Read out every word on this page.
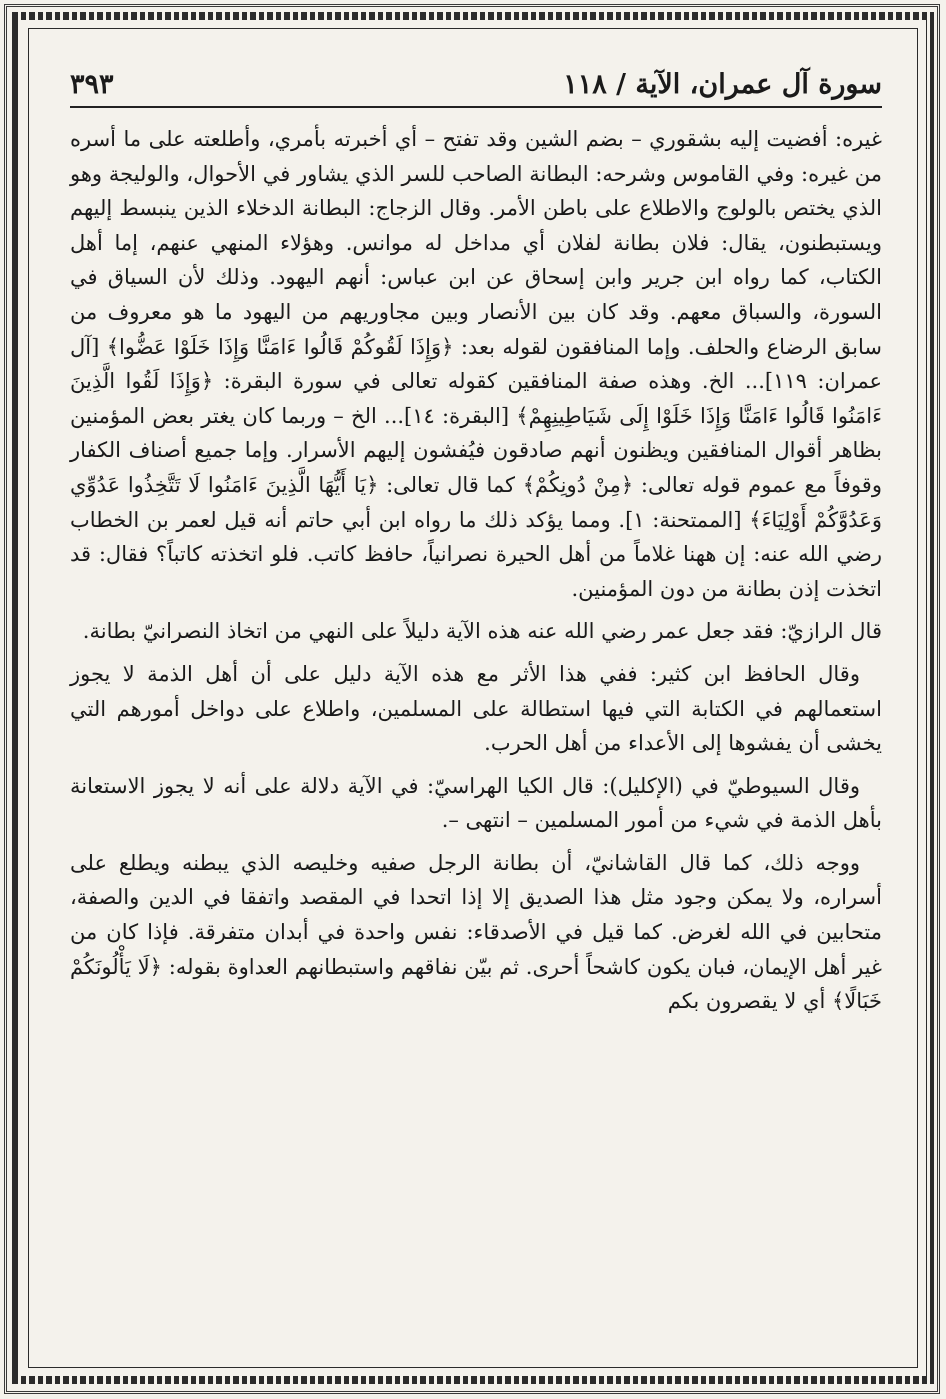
سورة آل عمران، الآية / ١١٨
٣٩٣

غيره: أفضيت إليه بشقوري – بضم الشين وقد تفتح – أي أخبرته بأمري، وأطلعته على ما أسره من غيره: وفي القاموس وشرحه: البطانة الصاحب للسر الذي يشاور في الأحوال، والوليجة وهو الذي يختص بالولوج والاطلاع على باطن الأمر. وقال الزجاج: البطانة الدخلاء الذين ينبسط إليهم ويستبطنون، يقال: فلان بطانة لفلان أي مداخل له موانس. وهؤلاء المنهي عنهم، إما أهل الكتاب، كما رواه ابن جرير وابن إسحاق عن ابن عباس: أنهم اليهود. وذلك لأن السياق في السورة، والسباق معهم. وقد كان بين الأنصار وبين مجاوريهم من اليهود ما هو معروف من سابق الرضاع والحلف. وإما المنافقون لقوله بعد: ﴿وَإِذَا لَقُوكُمْ قَالُوا ءَامَنَّا وَإِذَا خَلَوْا عَضُّوا﴾ [آل عمران: ١١٩]... الخ. وهذه صفة المنافقين كقوله تعالى في سورة البقرة: ﴿وَإِذَا لَقُوا الَّذِينَ ءَامَنُوا قَالُوا ءَامَنَّا وَإِذَا خَلَوْا إِلَى شَيَاطِينِهِمْ﴾ [البقرة: ١٤]... الخ – وربما كان يغتر بعض المؤمنين بظاهر أقوال المنافقين ويظنون أنهم صادقون فيُفشون إليهم الأسرار. وإما جميع أصناف الكفار وقوفاً مع عموم قوله تعالى: ﴿مِنْ دُونِكُمْ﴾ كما قال تعالى: ﴿يَا أَيُّهَا الَّذِينَ ءَامَنُوا لَا تَتَّخِذُوا عَدُوِّي وَعَدُوَّكُمْ أَوْلِيَاءَ﴾ [الممتحنة: ١]. ومما يؤكد ذلك ما رواه ابن أبي حاتم أنه قيل لعمر بن الخطاب رضي الله عنه: إن ههنا غلاماً من أهل الحيرة نصرانياً، حافظ كاتب. فلو اتخذته كاتباً؟ فقال: قد اتخذت إذن بطانة من دون المؤمنين.

قال الرازيّ: فقد جعل عمر رضي الله عنه هذه الآية دليلاً على النهي من اتخاذ النصرانيّ بطانة.

وقال الحافظ ابن كثير: ففي هذا الأثر مع هذه الآية دليل على أن أهل الذمة لا يجوز استعمالهم في الكتابة التي فيها استطالة على المسلمين، واطلاع على دواخل أمورهم التي يخشى أن يفشوها إلى الأعداء من أهل الحرب.

وقال السيوطيّ في (الإكليل): قال الكيا الهراسيّ: في الآية دلالة على أنه لا يجوز الاستعانة بأهل الذمة في شيء من أمور المسلمين – انتهى –.

ووجه ذلك، كما قال القاشانيّ، أن بطانة الرجل صفيه وخليصه الذي يبطنه ويطلع على أسراره، ولا يمكن وجود مثل هذا الصديق إلا إذا اتحدا في المقصد واتفقا في الدين والصفة، متحابين في الله لغرض. كما قيل في الأصدقاء: نفس واحدة في أبدان متفرقة. فإذا كان من غير أهل الإيمان، فبان يكون كاشحاً أحرى. ثم بيّن نفاقهم واستبطانهم العداوة بقوله: ﴿لَا يَأْلُونَكُمْ خَبَالًا﴾ أي لا يقصرون بكم
